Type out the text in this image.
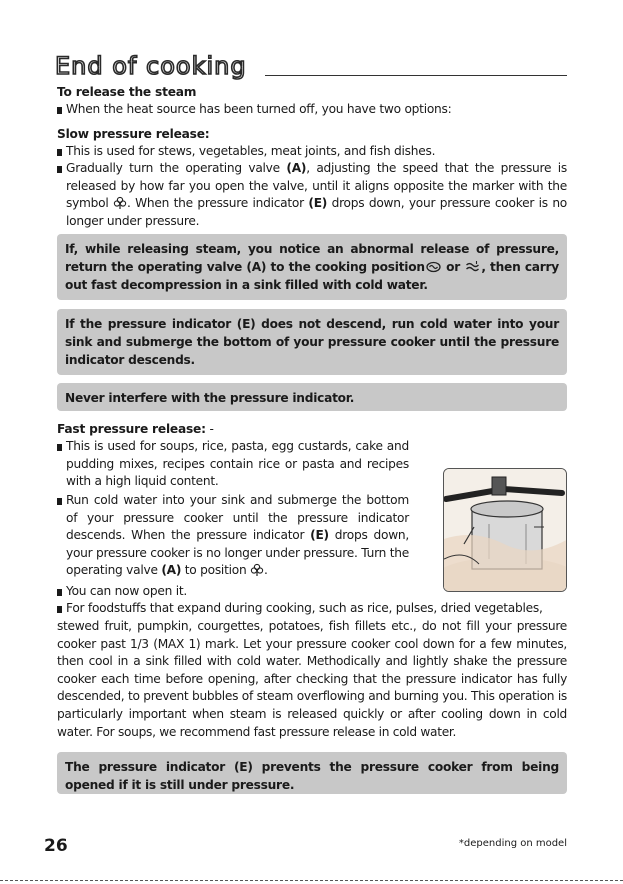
End of cooking
To release the steam
When the heat source has been turned off, you have two options:
Slow pressure release:
This is used for stews, vegetables, meat joints, and fish dishes.
Gradually turn the operating valve (A), adjusting the speed that the pressure is released by how far you open the valve, until it aligns opposite the marker with the symbol . When the pressure indicator (E) drops down, your pressure cooker is no longer under pressure.
If, while releasing steam, you notice an abnormal release of pressure, return the operating valve (A) to the cooking position or , then carry out fast decompression in a sink filled with cold water.
If the pressure indicator (E) does not descend, run cold water into your sink and submerge the bottom of your pressure cooker until the pressure indicator descends.
Never interfere with the pressure indicator.
Fast pressure release: -
This is used for soups, rice, pasta, egg custards, cake and pudding mixes, recipes contain rice or pasta and recipes with a high liquid content.
Run cold water into your sink and submerge the bottom of your pressure cooker until the pressure indicator descends. When the pressure indicator (E) drops down, your pressure cooker is no longer under pressure. Turn the operating valve (A) to position .
You can now open it.
For foodstuffs that expand during cooking, such as rice, pulses, dried vegetables,
stewed fruit, pumpkin, courgettes, potatoes, fish fillets etc., do not fill your pressure cooker past 1/3 (MAX 1) mark. Let your pressure cooker cool down for a few minutes, then cool in a sink filled with cold water. Methodically and lightly shake the pressure cooker each time before opening, after checking that the pressure indicator has fully descended, to prevent bubbles of steam overflowing and burning you. This operation is particularly important when steam is released quickly or after cooling down in cold water. For soups, we recommend fast pressure release in cold water.
The pressure indicator (E) prevents the pressure cooker from being opened if it is still under pressure.
26	*depending on model
